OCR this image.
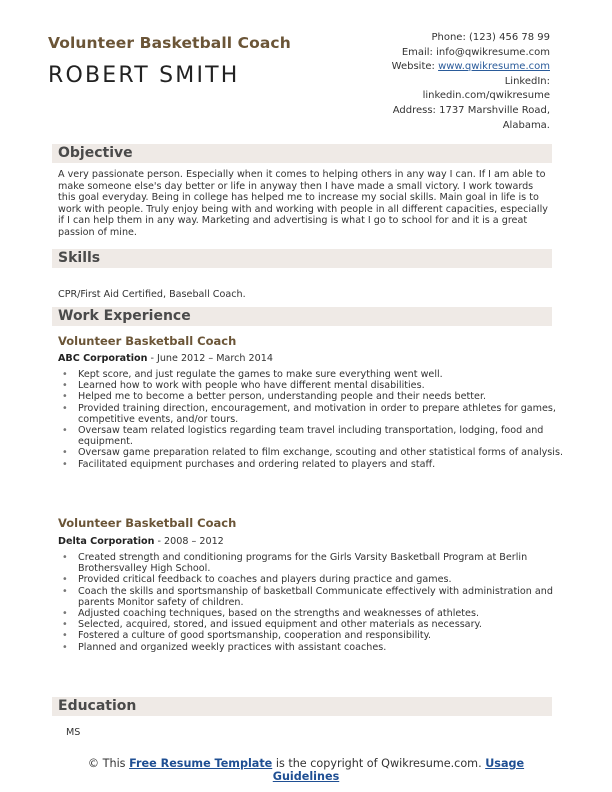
Volunteer Basketball Coach
ROBERT SMITH
Phone: (123) 456 78 99
Email: info@qwikresume.com
Website: www.qwikresume.com
LinkedIn:
linkedin.com/qwikresume
Address: 1737 Marshville Road,
Alabama.
Objective
A very passionate person. Especially when it comes to helping others in any way I can. If I am able to make someone else's day better or life in anyway then I have made a small victory. I work towards this goal everyday. Being in college has helped me to increase my social skills. Main goal in life is to work with people. Truly enjoy being with and working with people in all different capacities, especially if I can help them in any way. Marketing and advertising is what I go to school for and it is a great passion of mine.
Skills
CPR/First Aid Certified, Baseball Coach.
Work Experience
Volunteer Basketball Coach
ABC Corporation - June 2012 – March 2014
• Kept score, and just regulate the games to make sure everything went well.
• Learned how to work with people who have different mental disabilities.
• Helped me to become a better person, understanding people and their needs better.
• Provided training direction, encouragement, and motivation in order to prepare athletes for games, competitive events, and/or tours.
• Oversaw team related logistics regarding team travel including transportation, lodging, food and equipment.
• Oversaw game preparation related to film exchange, scouting and other statistical forms of analysis.
• Facilitated equipment purchases and ordering related to players and staff.
Volunteer Basketball Coach
Delta Corporation - 2008 – 2012
• Created strength and conditioning programs for the Girls Varsity Basketball Program at Berlin Brothersvalley High School.
• Provided critical feedback to coaches and players during practice and games.
• Coach the skills and sportsmanship of basketball Communicate effectively with administration and parents Monitor safety of children.
• Adjusted coaching techniques, based on the strengths and weaknesses of athletes.
• Selected, acquired, stored, and issued equipment and other materials as necessary.
• Fostered a culture of good sportsmanship, cooperation and responsibility.
• Planned and organized weekly practices with assistant coaches.
Education
MS
© This Free Resume Template is the copyright of Qwikresume.com. Usage
Guidelines
